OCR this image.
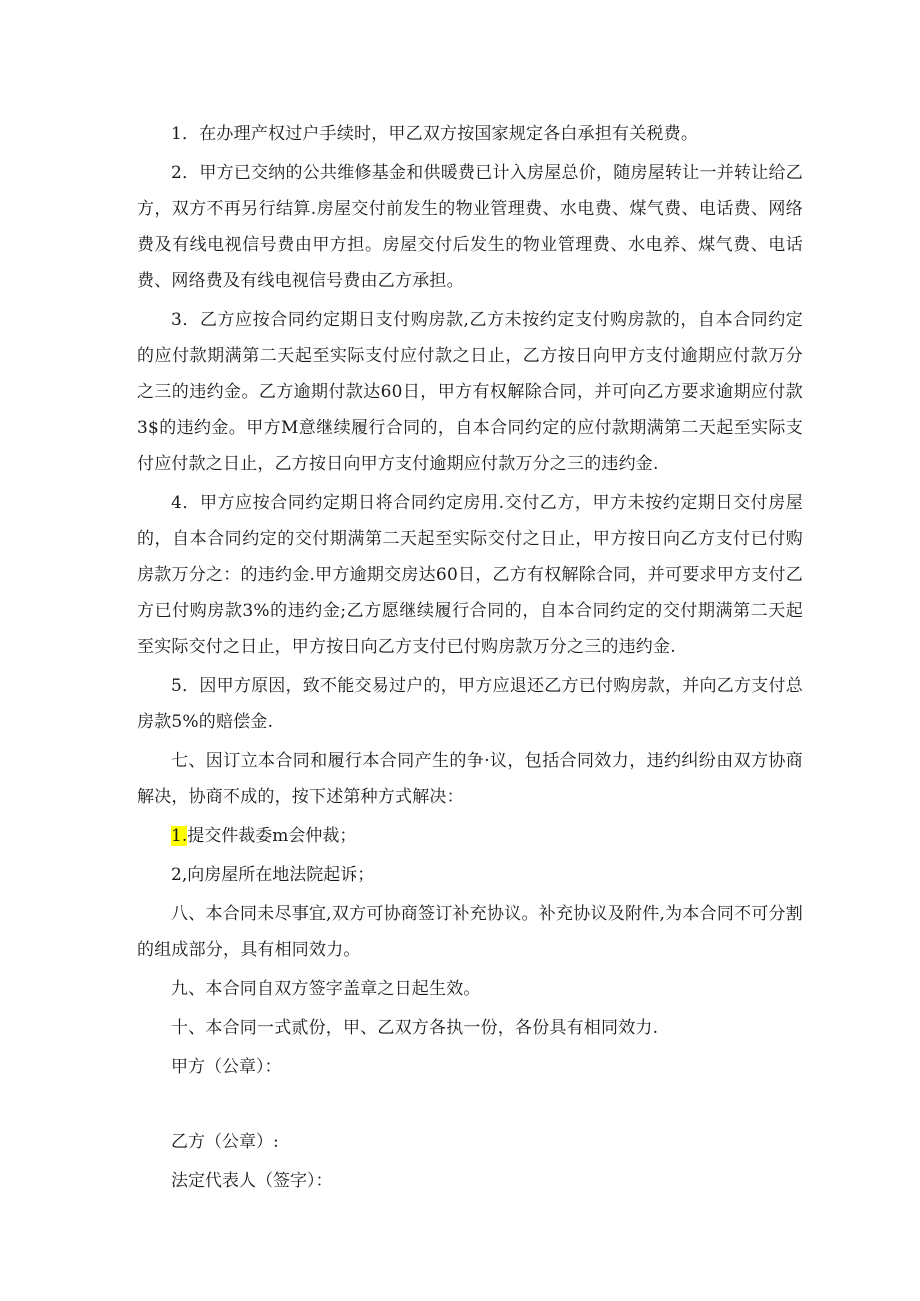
1．在办理产权过户手续时，甲乙双方按国家规定各白承担有关税费。

2．甲方已交纳的公共维修基金和供暖费已计入房屋总价，随房屋转让一并转让给乙方，双方不再另行结算.房屋交付前发生的物业管理费、水电费、煤气费、电话费、网络费及有线电视信号费由甲方担。房屋交付后发生的物业管理费、水电养、煤气费、电话费、网络费及有线电视信号费由乙方承担。

3．乙方应按合同约定期日支付购房款,乙方未按约定支付购房款的，自本合同约定的应付款期满第二天起至实际支付应付款之日止，乙方按日向甲方支付逾期应付款万分之三的违约金。乙方逾期付款达60日，甲方有权解除合同，并可向乙方要求逾期应付款3$的违约金。甲方M意继续履行合同的，自本合同约定的应付款期满第二天起至实际支付应付款之日止，乙方按日向甲方支付逾期应付款万分之三的违约金.

4．甲方应按合同约定期日将合同约定房用.交付乙方，甲方未按约定期日交付房屋的，自本合同约定的交付期满第二天起至实际交付之日止，甲方按日向乙方支付已付购房款万分之：的违约金.甲方逾期交房达60日，乙方有权解除合同，并可要求甲方支付乙方已付购房款3%的违约金;乙方愿继续履行合同的，自本合同约定的交付期满第二天起至实际交付之日止，甲方按日向乙方支付已付购房款万分之三的违约金.

5．因甲方原因，致不能交易过户的，甲方应退还乙方已付购房款，并向乙方支付总房款5%的赔偿金.

七、因订立本合同和履行本合同产生的争·议，包括合同效力，违约纠纷由双方协商解决，协商不成的，按下述第种方式解决：

1.提交件裁委m会仲裁；

2,向房屋所在地法院起诉；

八、本合同未尽事宜,双方可协商签订补充协议。补充协议及附件,为本合同不可分割的组成部分，具有相同效力。

九、本合同自双方签字盖章之日起生效。

十、本合同一式贰份，甲、乙双方各执一份，各份具有相同效力.

甲方（公章）：

乙方（公章）:

法定代表人（签字）：
